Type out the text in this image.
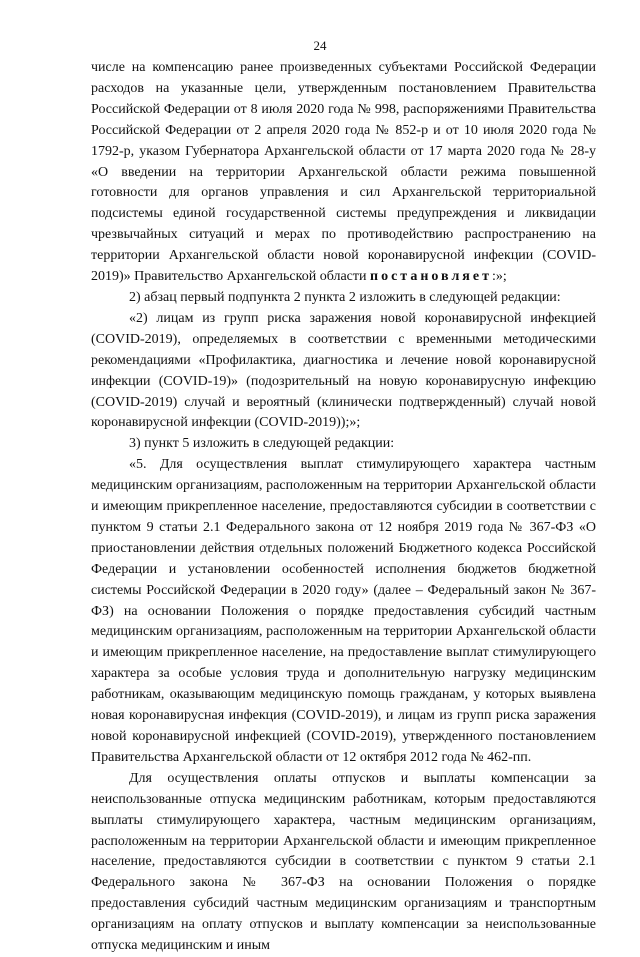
24

числе на компенсацию ранее произведенных субъектами Российской Федерации расходов на указанные цели, утвержденным постановлением Правительства Российской Федерации от 8 июля 2020 года № 998, распоряжениями Правительства Российской Федерации от 2 апреля 2020 года № 852-р и от 10 июля 2020 года № 1792-р, указом Губернатора Архангельской области от 17 марта 2020 года № 28-у «О введении на территории Архангельской области режима повышенной готовности для органов управления и сил Архангельской территориальной подсистемы единой государственной системы предупреждения и ликвидации чрезвычайных ситуаций и мерах по противодействию распространению на территории Архангельской области новой коронавирусной инфекции (COVID-2019)» Правительство Архангельской области постановляет:»;

2) абзац первый подпункта 2 пункта 2 изложить в следующей редакции:

«2) лицам из групп риска заражения новой коронавирусной инфекцией (COVID-2019), определяемых в соответствии с временными методическими рекомендациями «Профилактика, диагностика и лечение новой коронавирусной инфекции (COVID-19)» (подозрительный на новую коронавирусную инфекцию (COVID-2019) случай и вероятный (клинически подтвержденный) случай новой коронавирусной инфекции (COVID-2019));»;

3) пункт 5 изложить в следующей редакции:

«5. Для осуществления выплат стимулирующего характера частным медицинским организациям, расположенным на территории Архангельской области и имеющим прикрепленное население, предоставляются субсидии в соответствии с пунктом 9 статьи 2.1 Федерального закона от 12 ноября 2019 года № 367-ФЗ «О приостановлении действия отдельных положений Бюджетного кодекса Российской Федерации и установлении особенностей исполнения бюджетов бюджетной системы Российской Федерации в 2020 году» (далее – Федеральный закон № 367-ФЗ) на основании Положения о порядке предоставления субсидий частным медицинским организациям, расположенным на территории Архангельской области и имеющим прикрепленное население, на предоставление выплат стимулирующего характера за особые условия труда и дополнительную нагрузку медицинским работникам, оказывающим медицинскую помощь гражданам, у которых выявлена новая коронавирусная инфекция (COVID-2019), и лицам из групп риска заражения новой коронавирусной инфекцией (COVID-2019), утвержденного постановлением Правительства Архангельской области от 12 октября 2012 года № 462-пп.

Для осуществления оплаты отпусков и выплаты компенсации за неиспользованные отпуска медицинским работникам, которым предоставляются выплаты стимулирующего характера, частным медицинским организациям, расположенным на территории Архангельской области и имеющим прикрепленное население, предоставляются субсидии в соответствии с пунктом 9 статьи 2.1 Федерального закона № 367-ФЗ на основании Положения о порядке предоставления субсидий частным медицинским организациям и транспортным организациям на оплату отпусков и выплату компенсации за неиспользованные отпуска медицинским и иным
